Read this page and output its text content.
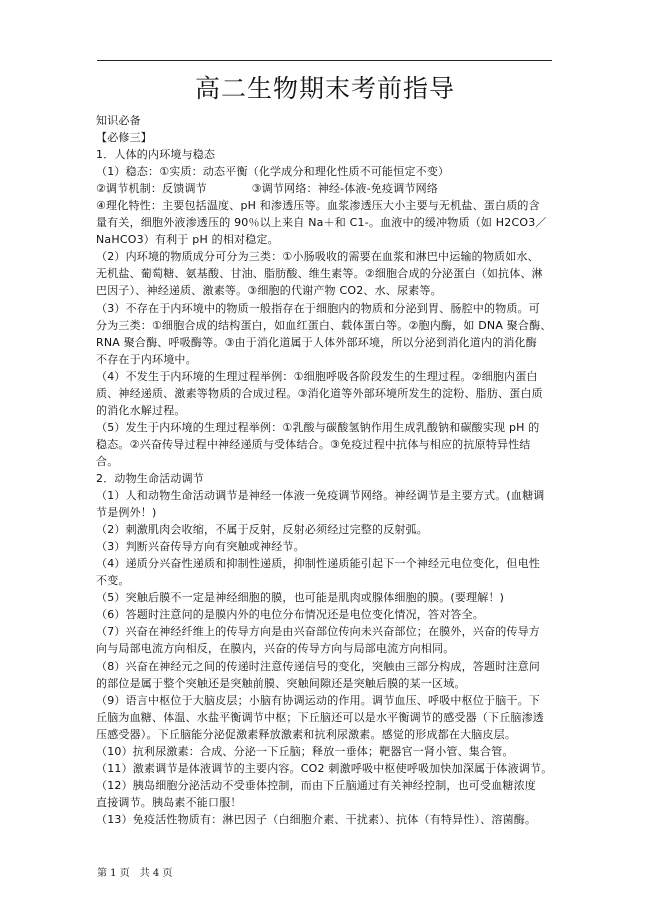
高二生物期末考前指导
知识必备
【必修三】
1．人体的内环境与稳态
（1）稳态：①实质：动态平衡（化学成分和理化性质不可能恒定不变）
②调节机制：反馈调节　　　　③调节网络：神经-体液-免疫调节网络
④理化特性：主要包括温度、pH 和渗透压等。血浆渗透压大小主要与无机盐、蛋白质的含
量有关，细胞外液渗透压的 90％以上来自 Na＋和 C1-。血液中的缓冲物质（如 H2CO3／
NaHCO3）有利于 pH 的相对稳定。
（2）内环境的物质成分可分为三类：①小肠吸收的需要在血浆和淋巴中运输的物质如水、
无机盐、葡萄糖、氨基酸、甘油、脂肪酸、维生素等。②细胞合成的分泌蛋白（如抗体、淋
巴因子）、神经递质、激素等。③细胞的代谢产物 CO2、水、尿素等。
（3）不存在于内环境中的物质一般指存在于细胞内的物质和分泌到胃、肠腔中的物质。可
分为三类：①细胞合成的结构蛋白，如血红蛋白、载体蛋白等。②胞内酶，如 DNA 聚合酶、
RNA 聚合酶、呼吸酶等。③由于消化道属于人体外部环境，所以分泌到消化道内的消化酶
不存在于内环境中。
（4）不发生于内环境的生理过程举例：①细胞呼吸各阶段发生的生理过程。②细胞内蛋白
质、神经递质、激素等物质的合成过程。③消化道等外部环境所发生的淀粉、脂肪、蛋白质
的消化水解过程。
（5）发生于内环境的生理过程举例：①乳酸与碳酸氢钠作用生成乳酸钠和碳酸实现 pH 的
稳态。②兴奋传导过程中神经递质与受体结合。③免疫过程中抗体与相应的抗原特异性结
合。
2．动物生命活动调节
（1）人和动物生命活动调节是神经一体液一免疫调节网络。神经调节是主要方式。(血糖调
节是例外！)
（2）刺激肌肉会收缩，不属于反射，反射必须经过完整的反射弧。
（3）判断兴奋传导方向有突触或神经节。
（4）递质分兴奋性递质和抑制性递质，抑制性递质能引起下一个神经元电位变化，但电性
不变。
（5）突触后膜不一定是神经细胞的膜，也可能是肌肉或腺体细胞的膜。(要理解！)
（6）答题时注意问的是膜内外的电位分布情况还是电位变化情况，答对答全。
（7）兴奋在神经纤维上的传导方向是由兴奋部位传向未兴奋部位；在膜外，兴奋的传导方
向与局部电流方向相反，在膜内，兴奋的传导方向与局部电流方向相同。
（8）兴奋在神经元之间的传递时注意传递信号的变化，突触由三部分构成，答题时注意问
的部位是属于整个突触还是突触前膜、突触间隙还是突触后膜的某一区域。
（9）语言中枢位于大脑皮层；小脑有协调运动的作用。调节血压、呼吸中枢位于脑干。下
丘脑为血糖、体温、水盐平衡调节中枢；下丘脑还可以是水平衡调节的感受器（下丘脑渗透
压感受器）。下丘脑能分泌促激素释放激素和抗利尿激素。感觉的形成都在大脑皮层。
（10）抗利尿激素：合成、分泌一下丘脑；释放一垂体；靶器官一肾小管、集合管。
（11）激素调节是体液调节的主要内容。CO2 刺激呼吸中枢使呼吸加快加深属于体液调节。
（12）胰岛细胞分泌活动不受垂体控制，而由下丘脑通过有关神经控制，也可受血糖浓度
直接调节。胰岛素不能口服！
（13）免疫活性物质有：淋巴因子（白细胞介素、干扰素）、抗体（有特异性）、溶菌酶。
第 1 页　共 4 页
